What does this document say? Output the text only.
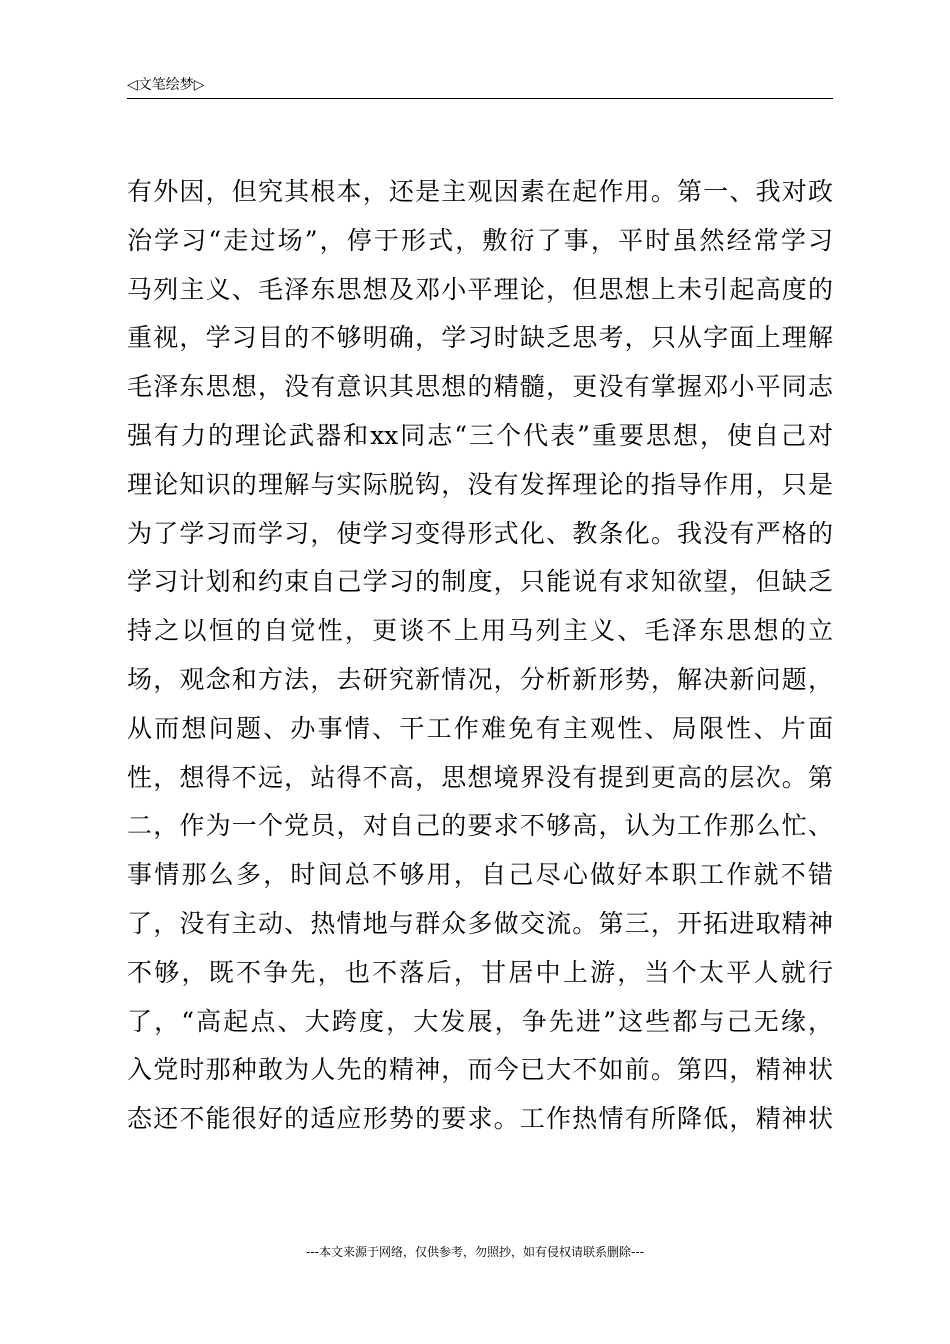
◁文笔绘梦▷
有外因，但究其根本，还是主观因素在起作用。第一、我对政
治学习“走过场”，停于形式，敷衍了事，平时虽然经常学习
马列主义、毛泽东思想及邓小平理论，但思想上未引起高度的
重视，学习目的不够明确，学习时缺乏思考，只从字面上理解
毛泽东思想，没有意识其思想的精髓，更没有掌握邓小平同志
强有力的理论武器和xx同志“三个代表”重要思想，使自己对
理论知识的理解与实际脱钩，没有发挥理论的指导作用，只是
为了学习而学习，使学习变得形式化、教条化。我没有严格的
学习计划和约束自己学习的制度，只能说有求知欲望，但缺乏
持之以恒的自觉性，更谈不上用马列主义、毛泽东思想的立
场，观念和方法，去研究新情况，分析新形势，解决新问题，
从而想问题、办事情、干工作难免有主观性、局限性、片面
性，想得不远，站得不高，思想境界没有提到更高的层次。第
二，作为一个党员，对自己的要求不够高，认为工作那么忙、
事情那么多，时间总不够用，自己尽心做好本职工作就不错
了，没有主动、热情地与群众多做交流。第三，开拓进取精神
不够，既不争先，也不落后，甘居中上游，当个太平人就行
了，“高起点、大跨度，大发展，争先进”这些都与己无缘，
入党时那种敢为人先的精神，而今已大不如前。第四，精神状
态还不能很好的适应形势的要求。工作热情有所降低，精神状
---本文来源于网络，仅供参考，勿照抄，如有侵权请联系删除---
